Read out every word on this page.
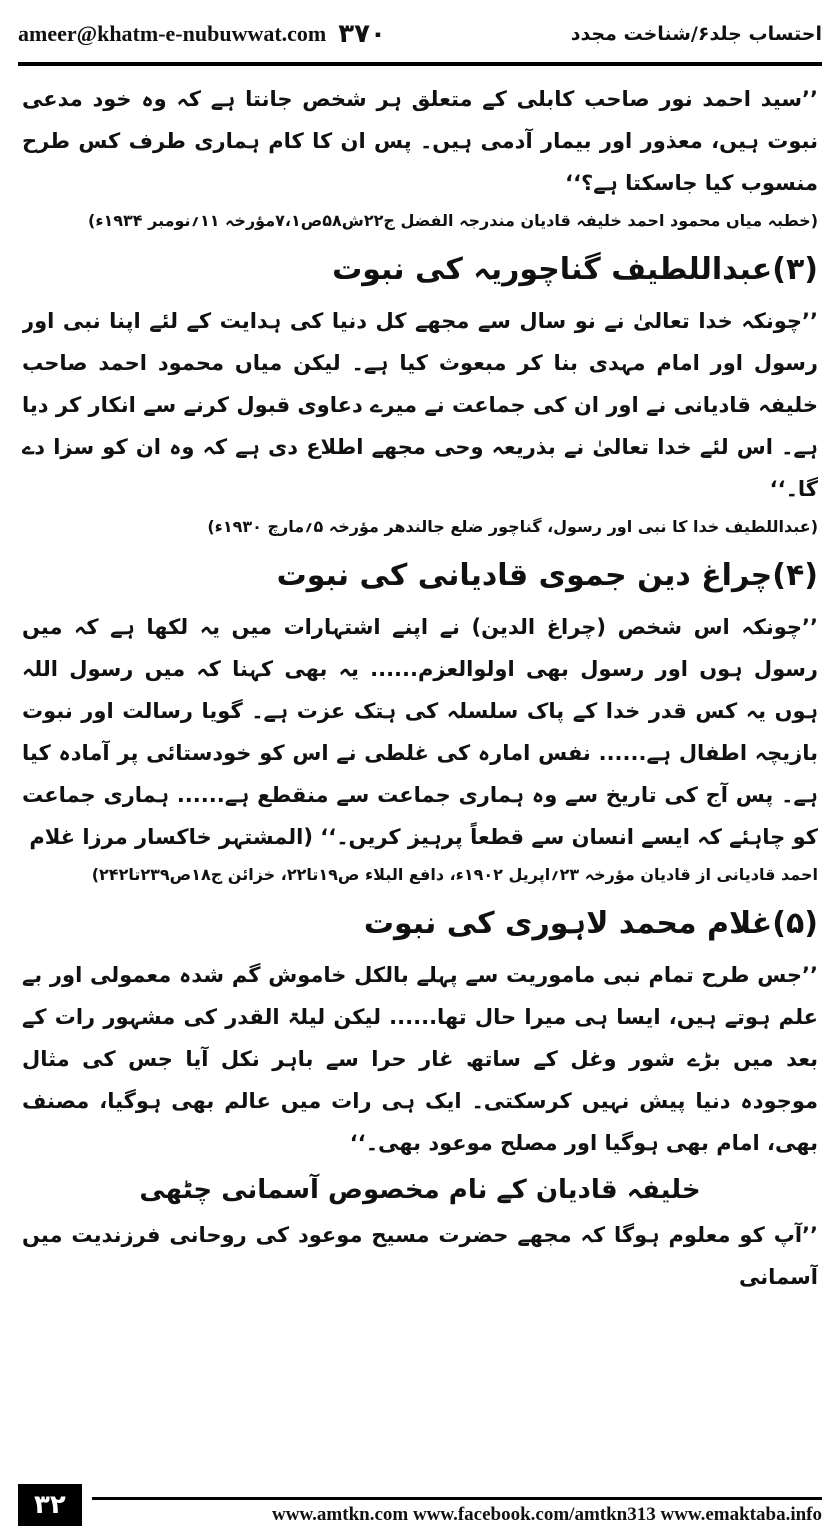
ameer@khatm-e-nubuwwat.com ۳۷۰	احتساب جلد۶/شناخت مجدد

’’سید احمد نور صاحب کابلی کے متعلق ہر شخص جانتا ہے کہ وہ خود مدعی نبوت ہیں، معذور اور بیمار آدمی ہیں۔ پس ان کا کام ہماری طرف کس طرح منسوب کیا جاسکتا ہے؟‘‘

(خطبہ میاں محمود احمد خلیفہ قادیان مندرجہ الفضل ج۲۲ش۵۸ص۷،۱مؤرخہ ۱۱؍نومبر ۱۹۳۴ء)

(۳)عبداللطیف گناچوریہ کی نبوت

’’چونکہ خدا تعالیٰ نے نو سال سے مجھے کل دنیا کی ہدایت کے لئے اپنا نبی اور رسول اور امام مہدی بنا کر مبعوث کیا ہے۔ لیکن میاں محمود احمد صاحب خلیفہ قادیانی نے اور ان کی جماعت نے میرے دعاوی قبول کرنے سے انکار کر دیا ہے۔ اس لئے خدا تعالیٰ نے بذریعہ وحی مجھے اطلاع دی ہے کہ وہ ان کو سزا دے گا۔‘‘

(عبداللطیف خدا کا نبی اور رسول، گناچور ضلع جالندھر مؤرخہ ۵؍مارچ ۱۹۳۰ء)

(۴)چراغ دین جموی قادیانی کی نبوت

’’چونکہ اس شخص (چراغ الدین) نے اپنے اشتہارات میں یہ لکھا ہے کہ میں رسول ہوں اور رسول بھی اولوالعزم...... یہ بھی کہنا کہ میں رسول اللہ ہوں یہ کس قدر خدا کے پاک سلسلہ کی ہتک عزت ہے۔ گویا رسالت اور نبوت بازیچہ اطفال ہے...... نفس امارہ کی غلطی نے اس کو خودستائی پر آمادہ کیا ہے۔ پس آج کی تاریخ سے وہ ہماری جماعت سے منقطع ہے...... ہماری جماعت کو چاہئے کہ ایسے انسان سے قطعاً پرہیز کریں۔‘‘ (المشتہر خاکسار مرزا غلام

احمد قادیانی از قادیان مؤرخہ ۲۳؍اپریل ۱۹۰۲ء، دافع البلاء ص۱۹تا۲۲، خزائن ج۱۸ص۲۳۹تا۲۴۲)

(۵)غلام محمد لاہوری کی نبوت

’’جس طرح تمام نبی ماموریت سے پہلے بالکل خاموش گم شدہ معمولی اور بے علم ہوتے ہیں، ایسا ہی میرا حال تھا...... لیکن لیلۃ القدر کی مشہور رات کے بعد میں بڑے شور وغل کے ساتھ غار حرا سے باہر نکل آیا جس کی مثال موجودہ دنیا پیش نہیں کرسکتی۔ ایک ہی رات میں عالم بھی ہوگیا، مصنف بھی، امام بھی ہوگیا اور مصلح موعود بھی۔‘‘

خلیفہ قادیان کے نام مخصوص آسمانی چٹھی

’’آپ کو معلوم ہوگا کہ مجھے حضرت مسیح موعود کی روحانی فرزندیت میں آسمانی

۳۲	www.amtkn.com www.facebook.com/amtkn313 www.emaktaba.info
